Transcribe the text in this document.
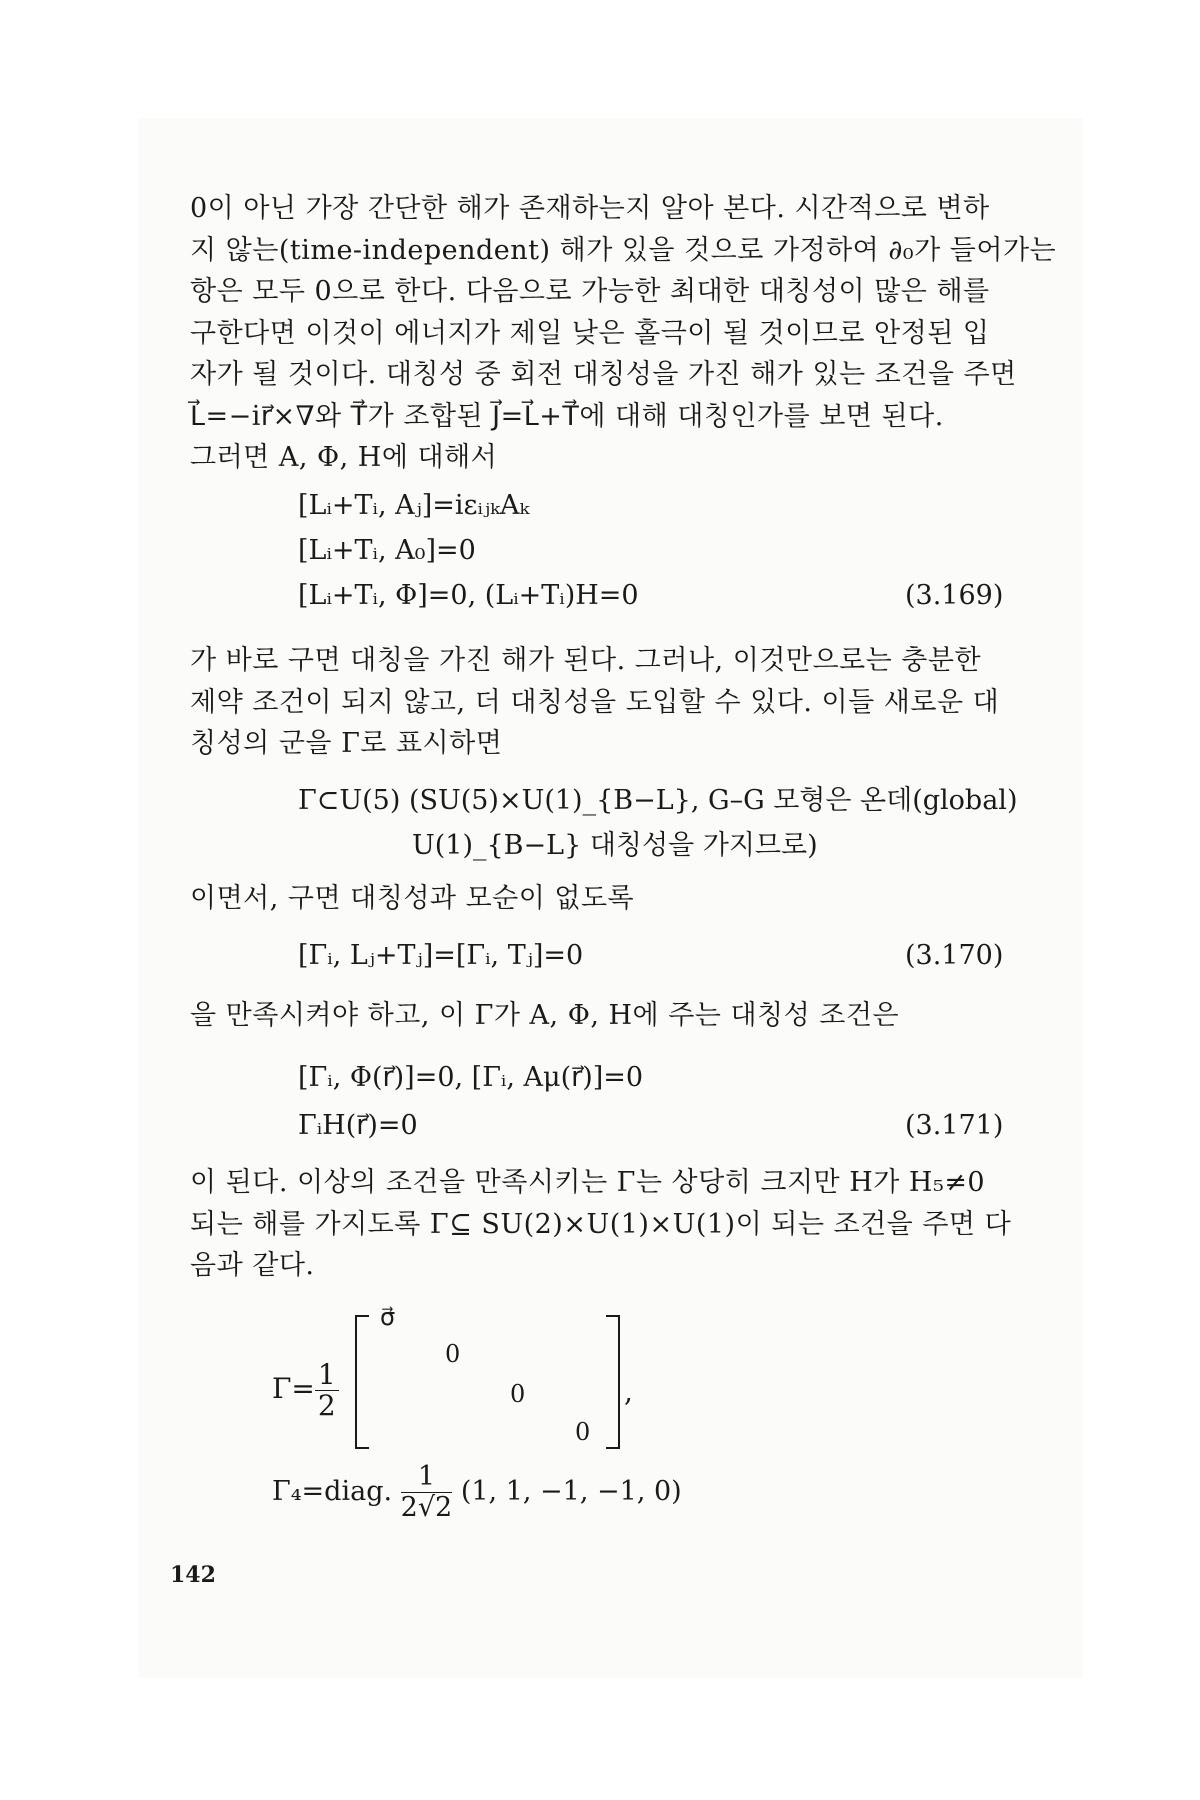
0이 아닌 가장 간단한 해가 존재하는지 알아 본다. 시간적으로 변하
지 않는(time-independent) 해가 있을 것으로 가정하여 ∂₀가 들어가는
항은 모두 0으로 한다. 다음으로 가능한 최대한 대칭성이 많은 해를
구한다면 이것이 에너지가 제일 낮은 홀극이 될 것이므로 안정된 입
자가 될 것이다. 대칭성 중 회전 대칭성을 가진 해가 있는 조건을 주면
L⃗=−ir⃗×∇와 T⃗가 조합된 J⃗=L⃗+T⃗에 대해 대칭인가를 보면 된다.
그러면 A, Φ, H에 대해서
[Lᵢ+Tᵢ, Aⱼ]=iεᵢⱼₖAₖ
[Lᵢ+Tᵢ, A₀]=0
[Lᵢ+Tᵢ, Φ]=0, (Lᵢ+Tᵢ)H=0	(3.169)
가 바로 구면 대칭을 가진 해가 된다. 그러나, 이것만으로는 충분한
제약 조건이 되지 않고, 더 대칭성을 도입할 수 있다. 이들 새로운 대
칭성의 군을 Γ로 표시하면
Γ⊂U(5) (SU(5)×U(1)_{B−L}, G–G 모형은 온데(global)
U(1)_{B−L} 대칭성을 가지므로)
이면서, 구면 대칭성과 모순이 없도록
[Γᵢ, Lⱼ+Tⱼ]=[Γᵢ, Tⱼ]=0	(3.170)
을 만족시켜야 하고, 이 Γ가 A, Φ, H에 주는 대칭성 조건은
[Γᵢ, Φ(r⃗)]=0, [Γᵢ, Aμ(r⃗)]=0
ΓᵢH(r⃗)=0	(3.171)
이 된다. 이상의 조건을 만족시키는 Γ는 상당히 크지만 H가 H₅≠0
되는 해를 가지도록 Γ⊆ SU(2)×U(1)×U(1)이 되는 조건을 주면 다
음과 같다.
$\Gamma= \frac{1}{2}$
σ⃗
0
0
0
,
Γ₄=diag. $\frac{1}{2√2} (1$, 1, −1, −1, 0)
142
